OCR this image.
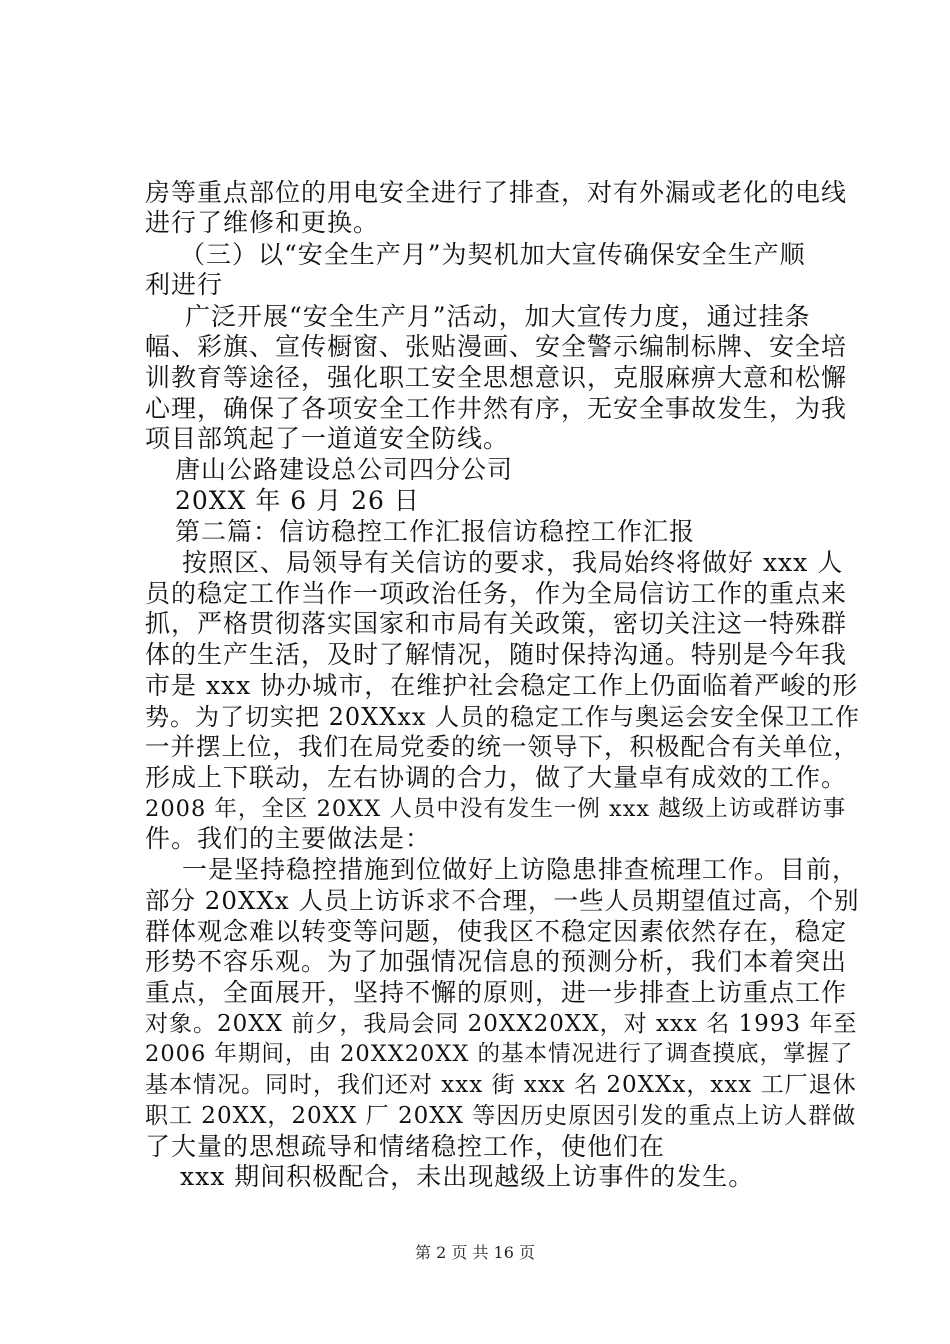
房等重点部位的用电安全进行了排查，对有外漏或老化的电线
进行了维修和更换。
（三）以“安全生产月”为契机加大宣传确保安全生产顺
利进行
广泛开展“安全生产月”活动，加大宣传力度，通过挂条
幅、彩旗、宣传橱窗、张贴漫画、安全警示编制标牌、安全培
训教育等途径，强化职工安全思想意识，克服麻痹大意和松懈
心理，确保了各项安全工作井然有序，无安全事故发生，为我
项目部筑起了一道道安全防线。
唐山公路建设总公司四分公司
20XX 年 6 月 26 日
第二篇：信访稳控工作汇报信访稳控工作汇报
按照区、局领导有关信访的要求，我局始终将做好 xxx 人
员的稳定工作当作一项政治任务，作为全局信访工作的重点来
抓，严格贯彻落实国家和市局有关政策，密切关注这一特殊群
体的生产生活，及时了解情况，随时保持沟通。特别是今年我
市是 xxx 协办城市，在维护社会稳定工作上仍面临着严峻的形
势。为了切实把 20XXxx 人员的稳定工作与奥运会安全保卫工作
一并摆上位，我们在局党委的统一领导下，积极配合有关单位，
形成上下联动，左右协调的合力，做了大量卓有成效的工作。
2008 年，全区 20XX 人员中没有发生一例 xxx 越级上访或群访事
件。我们的主要做法是：
一是坚持稳控措施到位做好上访隐患排查梳理工作。目前，
部分 20XXx 人员上访诉求不合理，一些人员期望值过高，个别
群体观念难以转变等问题，使我区不稳定因素依然存在，稳定
形势不容乐观。为了加强情况信息的预测分析，我们本着突出
重点，全面展开，坚持不懈的原则，进一步排查上访重点工作
对象。20XX 前夕，我局会同 20XX20XX，对 xxx 名 1993 年至
2006 年期间，由 20XX20XX 的基本情况进行了调查摸底，掌握了
基本情况。同时，我们还对 xxx 街 xxx 名 20XXx，xxx 工厂退休
职工 20XX，20XX 厂 20XX 等因历史原因引发的重点上访人群做
了大量的思想疏导和情绪稳控工作，使他们在
xxx 期间积极配合，未出现越级上访事件的发生。
第 2 页 共 16 页
